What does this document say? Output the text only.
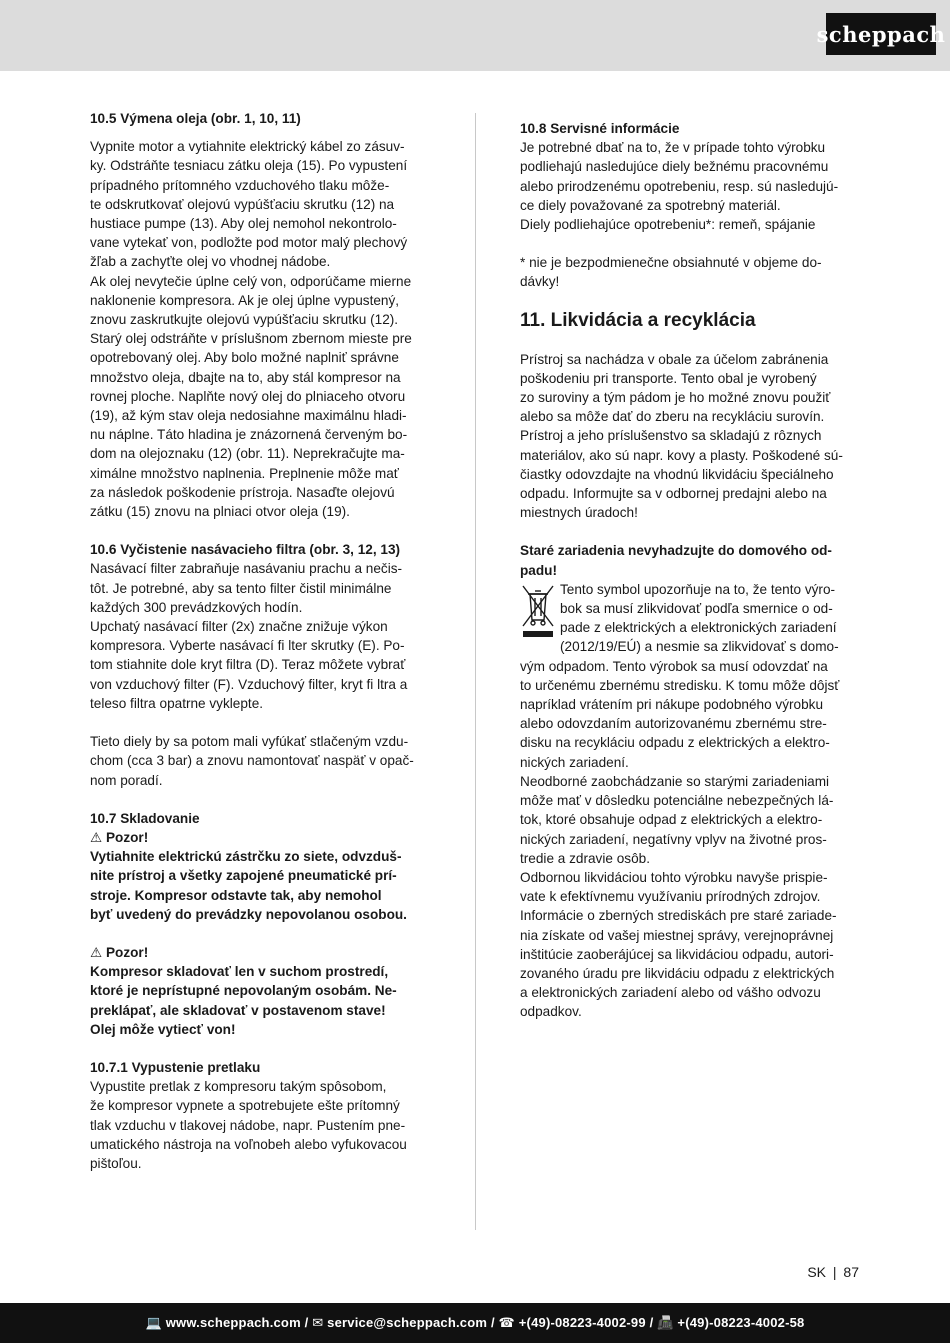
scheppach

10.5 Výmena oleja (obr. 1, 10, 11)

Vypnite motor a vytiahnite elektrický kábel zo zásuv-

ky. Odstráňte tesniacu zátku oleja (15). Po vypustení

prípadného prítomného vzduchového tlaku môže-

te odskrutkovať olejovú vypúšťaciu skrutku (12) na

hustiace pumpe (13). Aby olej nemohol nekontrolo-

vane vytekať von, podložte pod motor malý plechový

žľab a zachyťte olej vo vhodnej nádobe.

Ak olej nevytečie úplne celý von, odporúčame mierne

naklonenie kompresora. Ak je olej úplne vypustený,

znovu zaskrutkujte olejovú vypúšťaciu skrutku (12).

Starý olej odstráňte v príslušnom zbernom mieste pre

opotrebovaný olej. Aby bolo možné naplniť správne

množstvo oleja, dbajte na to, aby stál kompresor na

rovnej ploche. Naplňte nový olej do plniaceho otvoru

(19), až kým stav oleja nedosiahne maximálnu hladi-

nu náplne. Táto hladina je znázornená červeným bo-

dom na olejoznaku (12) (obr. 11). Neprekračujte ma-

ximálne množstvo naplnenia. Preplnenie môže mať

za následok poškodenie prístroja. Nasaďte olejovú

zátku (15) znovu na plniaci otvor oleja (19).

10.6 Vyčistenie nasávacieho filtra (obr. 3, 12, 13)

Nasávací filter zabraňuje nasávaniu prachu a nečis-

tôt. Je potrebné, aby sa tento filter čistil minimálne

každých 300 prevádzkových hodín.

Upchatý nasávací filter (2x) značne znižuje výkon

kompresora. Vyberte nasávací fi lter skrutky (E). Po-

tom stiahnite dole kryt filtra (D). Teraz môžete vybrať

von vzduchový filter (F). Vzduchový filter, kryt fi ltra a

teleso filtra opatrne vyklepte.

Tieto diely by sa potom mali vyfúkať stlačeným vzdu-

chom (cca 3 bar) a znovu namontovať naspäť v opač-

nom poradí.

10.7 Skladovanie

⚠ Pozor!

Vytiahnite elektrickú zástrčku zo siete, odvzduš-

nite prístroj a všetky zapojené pneumatické prí-

stroje. Kompresor odstavte tak, aby nemohol

byť uvedený do prevádzky nepovolanou osobou.

⚠ Pozor!

Kompresor skladovať len v suchom prostredí,

ktoré je neprístupné nepovolaným osobám. Ne-

preklápať, ale skladovať v postavenom stave!

Olej môže vytiecť von!

10.7.1 Vypustenie pretlaku

Vypustite pretlak z kompresoru takým spôsobom,

že kompresor vypnete a spotrebujete ešte prítomný

tlak vzduchu v tlakovej nádobe, napr. Pustením pne-

umatického nástroja na voľnobeh alebo vyfukovacou

pištoľou.

10.8 Servisné informácie

Je potrebné dbať na to, že v prípade tohto výrobku

podliehajú nasledujúce diely bežnému pracovnému

alebo prirodzenému opotrebeniu, resp. sú nasledujú-

ce diely považované za spotrebný materiál.

Diely podliehajúce opotrebeniu*: remeň, spájanie

* nie je bezpodmienečne obsiahnuté v objeme do-

dávky!

11. Likvidácia a recyklácia

Prístroj sa nachádza v obale za účelom zabránenia

poškodeniu pri transporte. Tento obal je vyrobený

zo suroviny a tým pádom je ho možné znovu použiť

alebo sa môže dať do zberu na recykláciu surovín.

Prístroj a jeho príslušenstvo sa skladajú z rôznych

materiálov, ako sú napr. kovy a plasty. Poškodené sú-

čiastky odovzdajte na vhodnú likvidáciu špeciálneho

odpadu. Informujte sa v odbornej predajni alebo na

miestnych úradoch!

Staré zariadenia nevyhadzujte do domového od-

padu!

Tento symbol upozorňuje na to, že tento výro-

bok sa musí zlikvidovať podľa smernice o od-

pade z elektrických a elektronických zariadení

(2012/19/EÚ) a nesmie sa zlikvidovať s domo-

vým odpadom. Tento výrobok sa musí odovzdať na

to určenému zbernému stredisku. K tomu môže dôjsť

napríklad vrátením pri nákupe podobného výrobku

alebo odovzdaním autorizovanému zbernému stre-

disku na recykláciu odpadu z elektrických a elektro-

nických zariadení.

Neodborné zaobchádzanie so starými zariadeniami

môže mať v dôsledku potenciálne nebezpečných lá-

tok, ktoré obsahuje odpad z elektrických a elektro-

nických zariadení, negatívny vplyv na životné pros-

tredie a zdravie osôb.

Odbornou likvidáciou tohto výrobku navyše prispie-

vate k efektívnemu využívaniu prírodných zdrojov.

Informácie o zberných strediskách pre staré zariade-

nia získate od vašej miestnej správy, verejnoprávnej

inštitúcie zaoberájúcej sa likvidáciou odpadu, autori-

zovaného úradu pre likvidáciu odpadu z elektrických

a elektronických zariadení alebo od vášho odvozu

odpadkov.

SK | 87
💻 www.scheppach.com / ✉ service@scheppach.com / ☎ +(49)-08223-4002-99 / 📠 +(49)-08223-4002-58
